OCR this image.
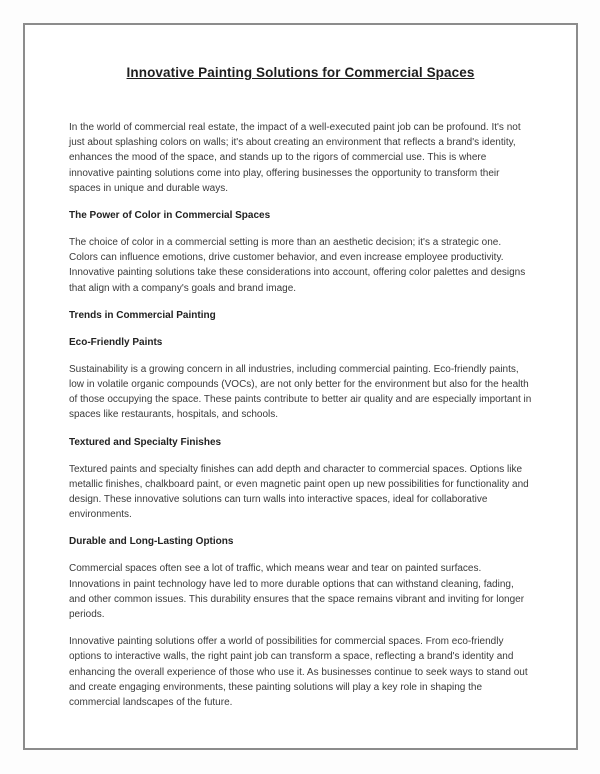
Innovative Painting Solutions for Commercial Spaces

In the world of commercial real estate, the impact of a well-executed paint job can be profound. It's not just about splashing colors on walls; it's about creating an environment that reflects a brand's identity, enhances the mood of the space, and stands up to the rigors of commercial use. This is where innovative painting solutions come into play, offering businesses the opportunity to transform their spaces in unique and durable ways.

The Power of Color in Commercial Spaces

The choice of color in a commercial setting is more than an aesthetic decision; it's a strategic one. Colors can influence emotions, drive customer behavior, and even increase employee productivity. Innovative painting solutions take these considerations into account, offering color palettes and designs that align with a company's goals and brand image.

Trends in Commercial Painting

Eco-Friendly Paints

Sustainability is a growing concern in all industries, including commercial painting. Eco-friendly paints, low in volatile organic compounds (VOCs), are not only better for the environment but also for the health of those occupying the space. These paints contribute to better air quality and are especially important in spaces like restaurants, hospitals, and schools.

Textured and Specialty Finishes

Textured paints and specialty finishes can add depth and character to commercial spaces. Options like metallic finishes, chalkboard paint, or even magnetic paint open up new possibilities for functionality and design. These innovative solutions can turn walls into interactive spaces, ideal for collaborative environments.

Durable and Long-Lasting Options

Commercial spaces often see a lot of traffic, which means wear and tear on painted surfaces. Innovations in paint technology have led to more durable options that can withstand cleaning, fading, and other common issues. This durability ensures that the space remains vibrant and inviting for longer periods.

Innovative painting solutions offer a world of possibilities for commercial spaces. From eco-friendly options to interactive walls, the right paint job can transform a space, reflecting a brand's identity and enhancing the overall experience of those who use it. As businesses continue to seek ways to stand out and create engaging environments, these painting solutions will play a key role in shaping the commercial landscapes of the future.
